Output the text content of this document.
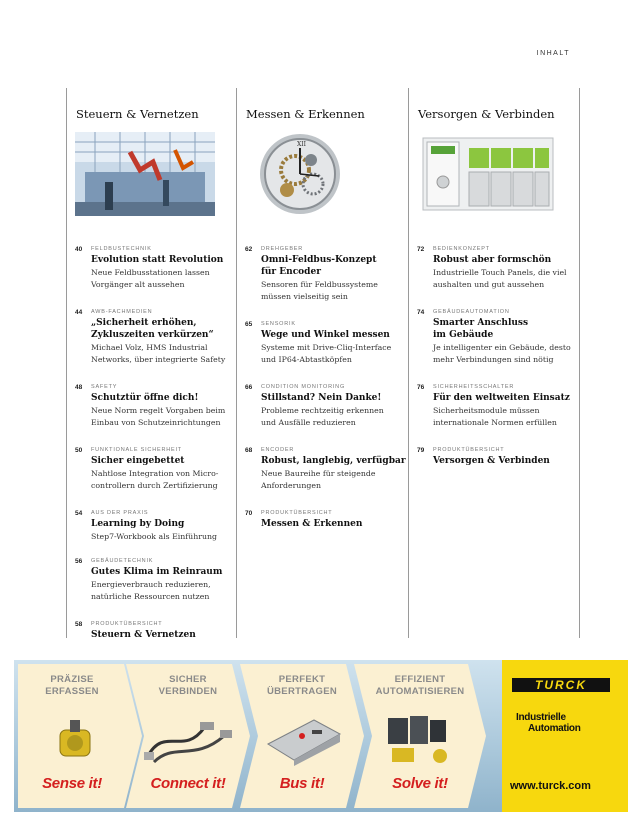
INHALT
Steuern & Vernetzen
40 FELDBUSTECHNIK
Evolution statt Revolution
Neue Feldbusstationen lassen
Vorgänger alt aussehen
44 AWB-FACHMEDIEN
„Sicherheit erhöhen,
Zykluszeiten verkürzen“
Michael Volz, HMS Industrial
Networks, über integrierte Safety
48 SAFETY
Schutztür öffne dich!
Neue Norm regelt Vorgaben beim
Einbau von Schutzeinrichtungen
50 FUNKTIONALE SICHERHEIT
Sicher eingebettet
Nahtlose Integration von Micro-
controllern durch Zertifizierung
54 AUS DER PRAXIS
Learning by Doing
Step7-Workbook als Einführung
56 GEBÄUDETECHNIK
Gutes Klima im Reinraum
Energieverbrauch reduzieren,
natürliche Ressourcen nutzen
58 PRODUKTÜBERSICHT
Steuern & Vernetzen
Messen & Erkennen
XII
62 DREHGEBER
Omni-Feldbus-Konzept
für Encoder
Sensoren für Feldbussysteme
müssen vielseitig sein
65 SENSORIK
Wege und Winkel messen
Systeme mit Drive-Cliq-Interface
und IP64-Abtastköpfen
66 CONDITION MONITORING
Stillstand? Nein Danke!
Probleme rechtzeitig erkennen
und Ausfälle reduzieren
68 ENCODER
Robust, langlebig, verfügbar
Neue Baureihe für steigende
Anforderungen
70 PRODUKTÜBERSICHT
Messen & Erkennen
Versorgen & Verbinden
72 BEDIENKONZEPT
Robust aber formschön
Industrielle Touch Panels, die viel
aushalten und gut aussehen
74 GEBÄUDEAUTOMATION
Smarter Anschluss
im Gebäude
Je intelligenter ein Gebäude, desto
mehr Verbindungen sind nötig
76 SICHERHEITSSCHALTER
Für den weltweiten Einsatz
Sicherheitsmodule müssen
internationale Normen erfüllen
79 PRODUKTÜBERSICHT
Versorgen & Verbinden
PRÄZISE
ERFASSEN
Sense it!
SICHER
VERBINDEN
Connect it!
PERFEKT
ÜBERTRAGEN
Bus it!
EFFIZIENT
AUTOMATISIEREN
Solve it!
TURCK
Industrielle
Automation
www.turck.com
